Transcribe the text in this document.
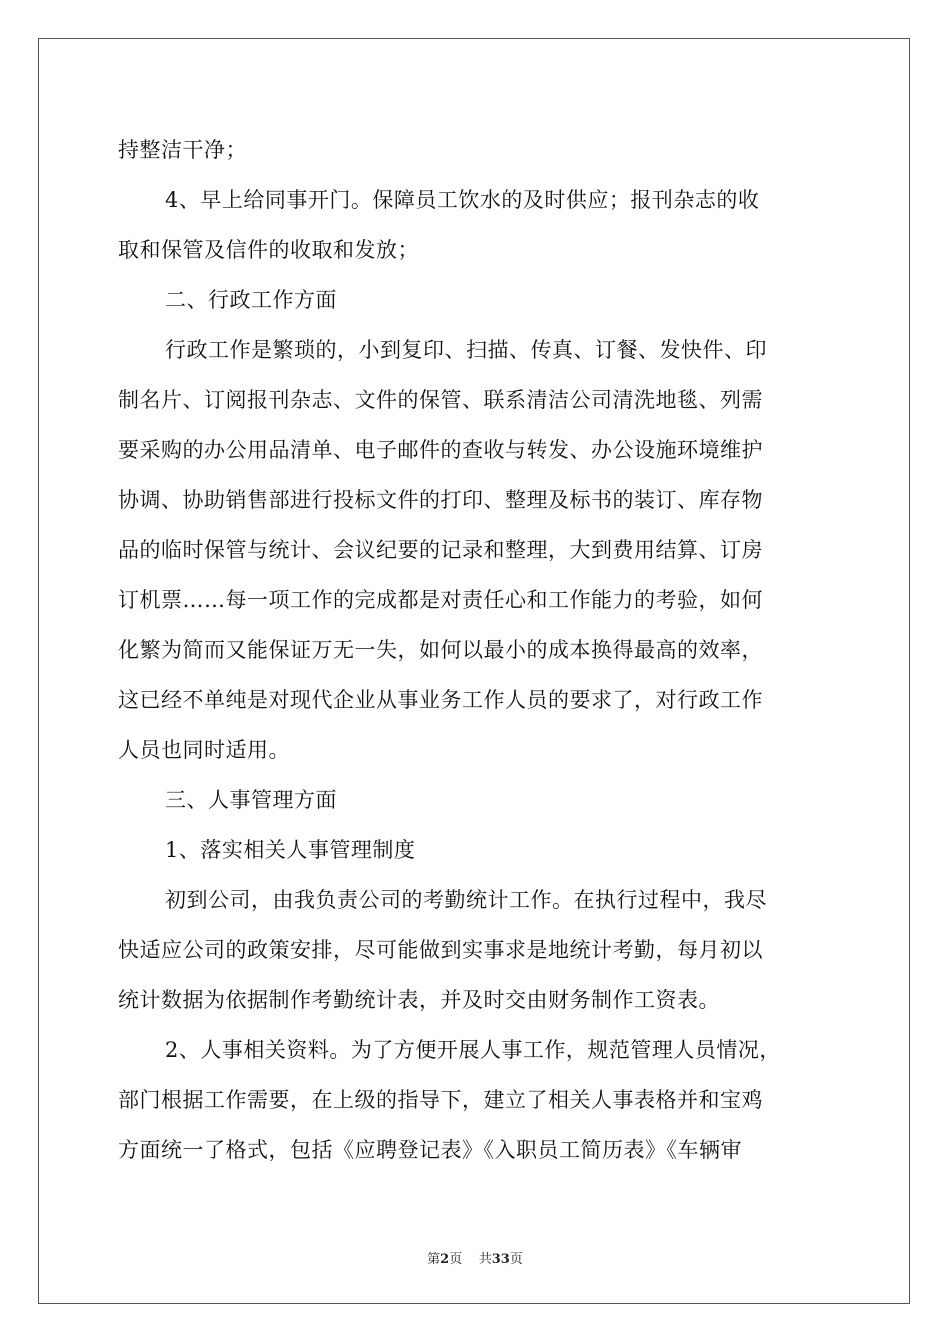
持整洁干净；
4、早上给同事开门。保障员工饮水的及时供应；报刊杂志的收
取和保管及信件的收取和发放；
二、行政工作方面
行政工作是繁琐的，小到复印、扫描、传真、订餐、发快件、印
制名片、订阅报刊杂志、文件的保管、联系清洁公司清洗地毯、列需
要采购的办公用品清单、电子邮件的查收与转发、办公设施环境维护
协调、协助销售部进行投标文件的打印、整理及标书的装订、库存物
品的临时保管与统计、会议纪要的记录和整理，大到费用结算、订房
订机票……每一项工作的完成都是对责任心和工作能力的考验，如何
化繁为简而又能保证万无一失，如何以最小的成本换得最高的效率，
这已经不单纯是对现代企业从事业务工作人员的要求了，对行政工作
人员也同时适用。
三、人事管理方面
1、落实相关人事管理制度
初到公司，由我负责公司的考勤统计工作。在执行过程中，我尽
快适应公司的政策安排，尽可能做到实事求是地统计考勤，每月初以
统计数据为依据制作考勤统计表，并及时交由财务制作工资表。
2、人事相关资料。为了方便开展人事工作，规范管理人员情况，
部门根据工作需要，在上级的指导下，建立了相关人事表格并和宝鸡
方面统一了格式，包括《应聘登记表》《入职员工简历表》《车辆审
第2页 共33页
